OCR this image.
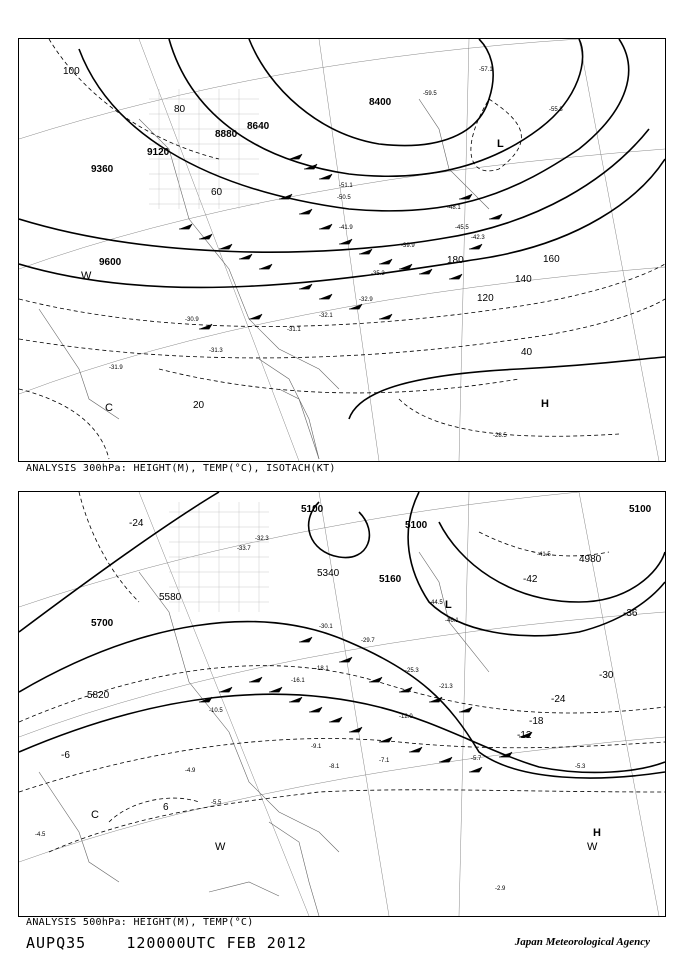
9600
9360
9120
8880
8640
8400
100
80
60
40
20
120
140
160
180
L
H
C
W
-55.3
-51.1
-41.9
-39.9
-32.9
-32.1
-31.1
-30.9
-31.9
-31.3
-28.5
-35.3
-45.5
-42.3
-48.1
-50.5
-57.1
-59.5
ANALYSIS 300hPa: HEIGHT(M), TEMP(°C), ISOTACH(KT)
5100
5100
5100
5160
5700
5340
5580
5820
4980
-42
-36
-30
-24
-18
-12
-6
6
-24
L
H
C
W	W
-44.5
-46.1
-41.5
-29.7
-25.3
-21.3
-18.1
-16.1
-12.0
-10.5
-9.1
-7.1	-5.7
-5.3
-8.1
-4.9
-5.5
-4.5
-2.9
-32.3
-33.7
-30.1
ANALYSIS 500hPa: HEIGHT(M), TEMP(°C)
AUPQ35	120000UTC FEB 2012	Japan Meteorological Agency
